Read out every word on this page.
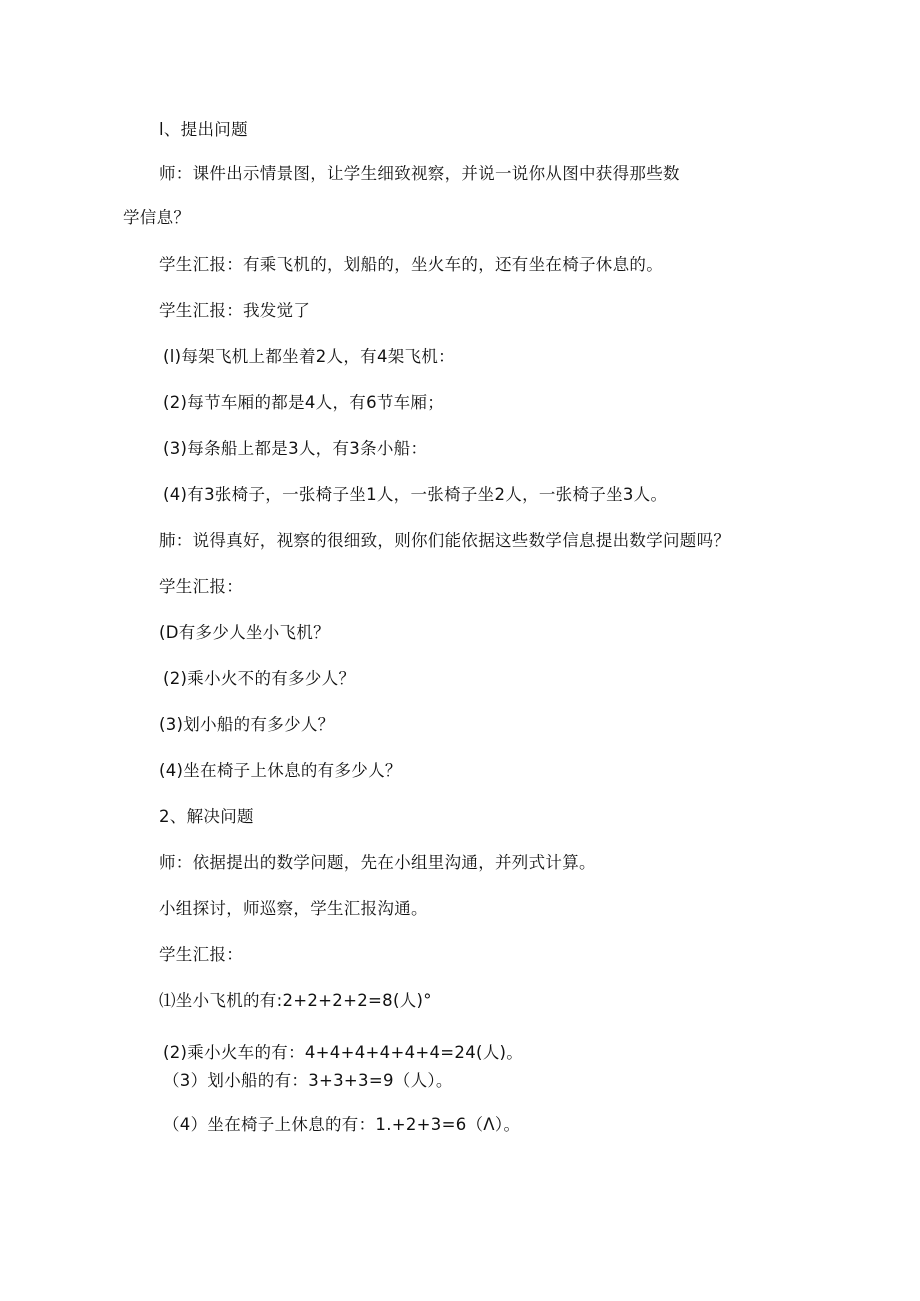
l、提出问题
师：课件出示情景图，让学生细致视察，并说一说你从图中获得那些数
学信息？
学生汇报：有乘飞机的，划船的，坐火车的，还有坐在椅子休息的。
学生汇报：我发觉了
(l)每架飞机上都坐着2人，有4架飞机：
(2)每节车厢的都是4人，有6节车厢；
(3)每条船上都是3人，有3条小船：
(4)有3张椅子，一张椅子坐1人，一张椅子坐2人，一张椅子坐3人。
肺：说得真好，视察的很细致，则你们能依据这些数学信息提出数学问题吗？
学生汇报：
(D有多少人坐小飞机？
(2)乘小火不的有多少人？
(3)划小船的有多少人？
(4)坐在椅子上休息的有多少人？
2、解决问题
师：依据提出的数学问题，先在小组里沟通，并列式计算。
小组探讨，师巡察，学生汇报沟通。
学生汇报：
⑴坐小飞机的有:2+2+2+2=8(人)°
(2)乘小火车的有：4+4+4+4+4+4=24(人)。
（3）划小船的有：3+3+3=9（人）。
（4）坐在椅子上休息的有：1.+2+3=6（Λ）。
